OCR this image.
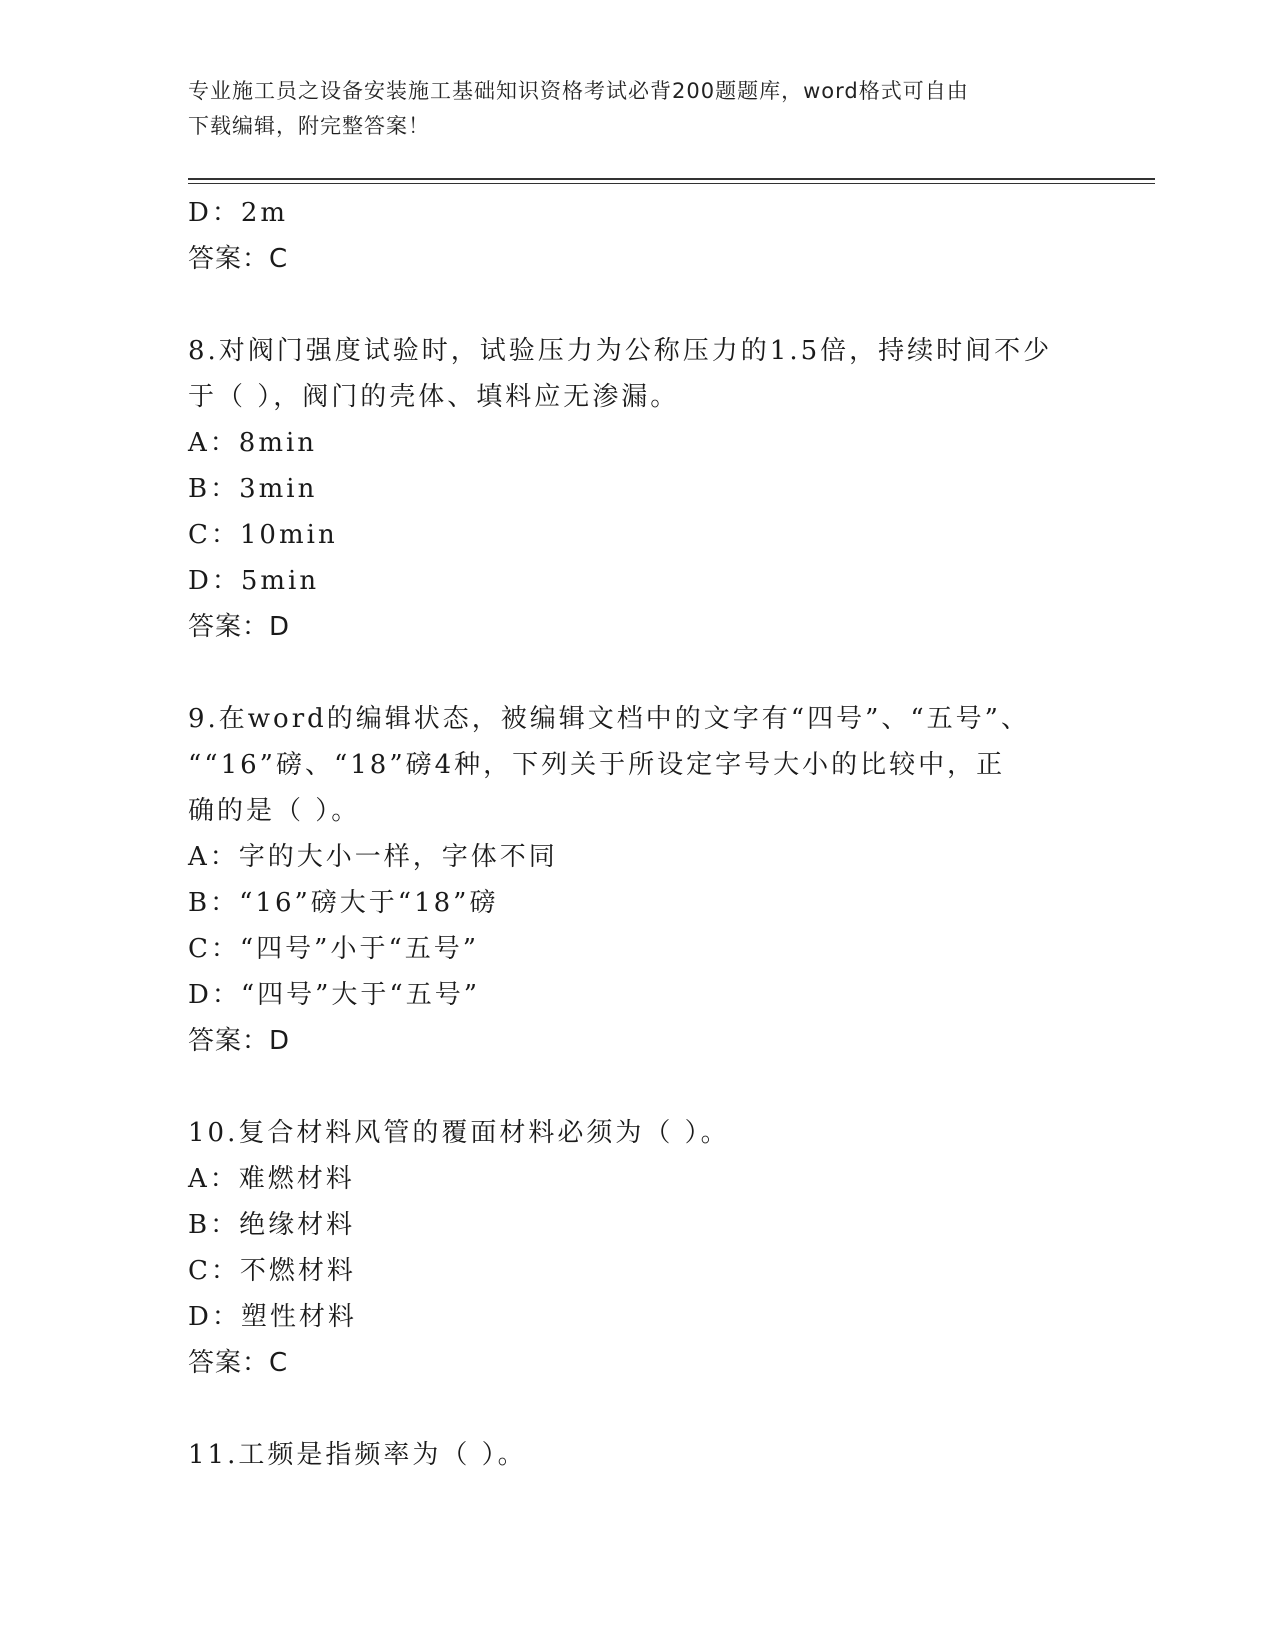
专业施工员之设备安装施工基础知识资格考试必背200题题库，word格式可自由
下载编辑，附完整答案！
D：2m
答案：C
8.对阀门强度试验时，试验压力为公称压力的1.5倍，持续时间不少
于（ ），阀门的壳体、填料应无渗漏。
A：8min
B：3min
C：10min
D：5min
答案：D
9.在word的编辑状态，被编辑文档中的文字有“四号”、“五号”、
““16”磅、“18”磅4种，下列关于所设定字号大小的比较中，正
确的是（ ）。
A：字的大小一样，字体不同
B：“16”磅大于“18”磅
C：“四号”小于“五号”
D：“四号”大于“五号”
答案：D
10.复合材料风管的覆面材料必须为（ ）。
A：难燃材料
B：绝缘材料
C：不燃材料
D：塑性材料
答案：C
11.工频是指频率为（ ）。
